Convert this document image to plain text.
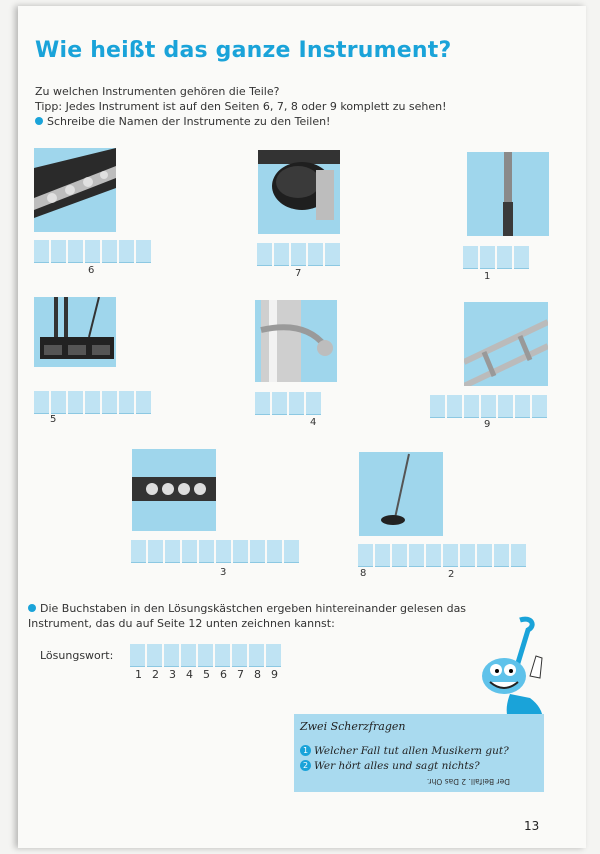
Wie heißt das ganze Instrument?
Zu welchen Instrumenten gehören die Teile?
Tipp: Jedes Instrument ist auf den Seiten 6, 7, 8 oder 9 komplett zu sehen!
Schreibe die Namen der Instrumente zu den Teilen!
6	7	1
5	4	9
3	8	2
Die Buchstaben in den Lösungskästchen ergeben hintereinander gelesen das Instrument, das du auf Seite 12 unten zeichnen kannst:
Lösungswort:
1 2 3 4 5 6 7 8 9
Zwei Scherzfragen
1 Welcher Fall tut allen Musikern gut?
2 Wer hört alles und sagt nichts?
Der Beifall. 2 Das Ohr.
13
